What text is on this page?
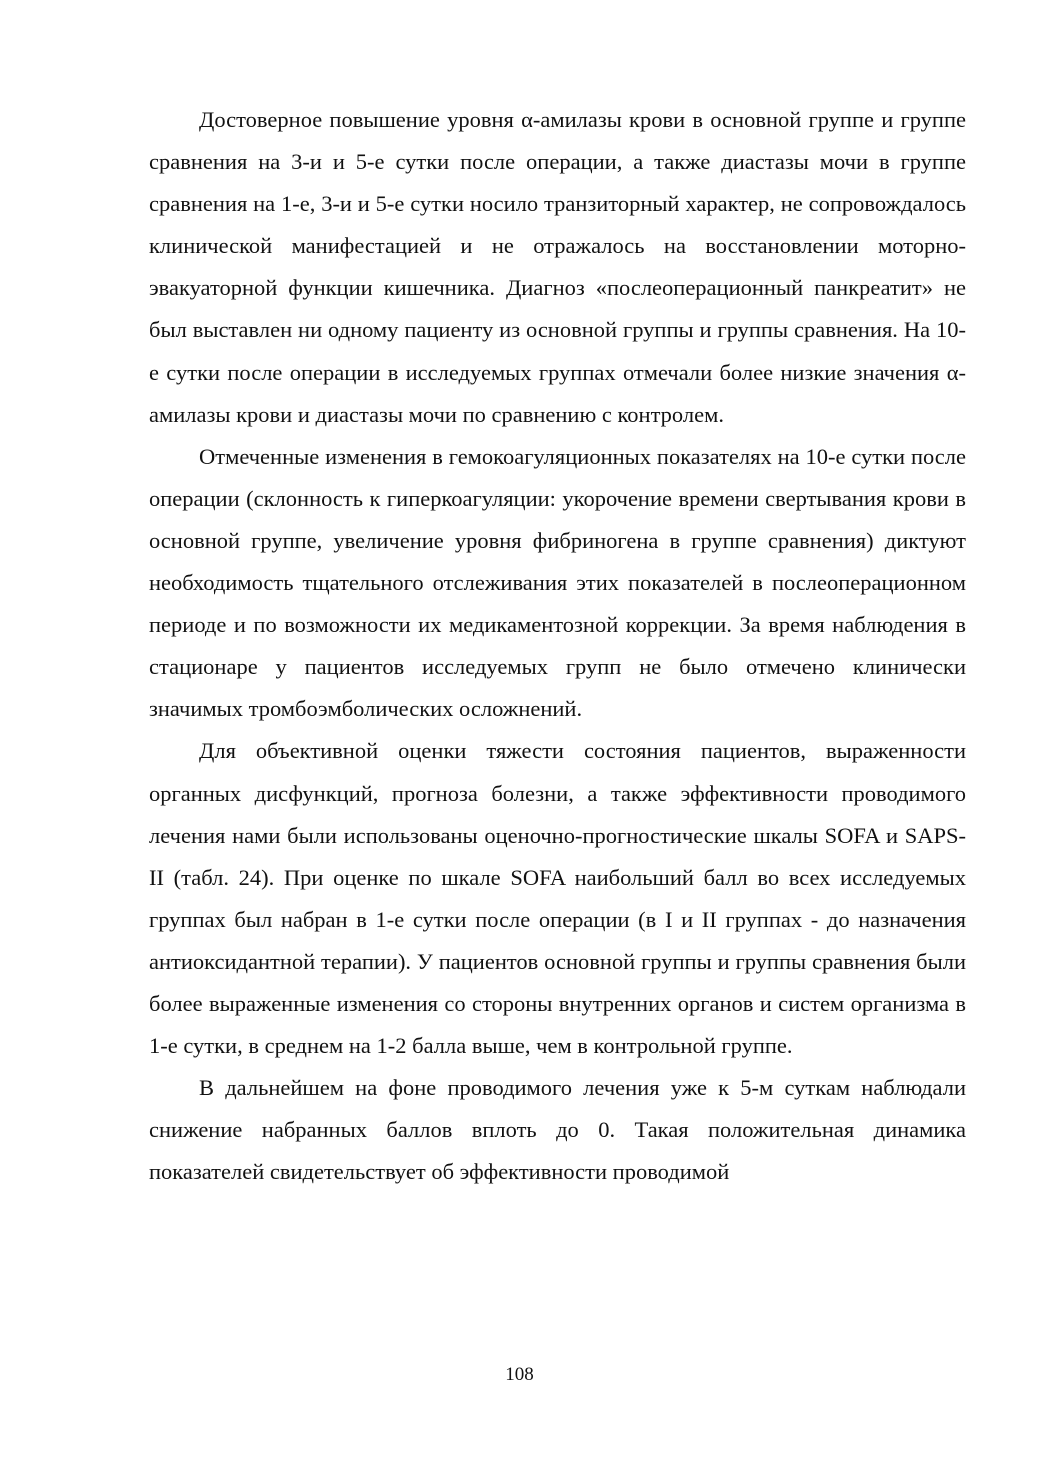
Достоверное повышение уровня α-амилазы крови в основной группе и группе сравнения на 3-и и 5-е сутки после операции, а также диастазы мочи в группе сравнения на 1-е, 3-и и 5-е сутки носило транзиторный характер, не сопровождалось клинической манифестацией и не отражалось на восстановлении моторно-эвакуаторной функции кишечника. Диагноз «послеоперационный панкреатит» не был выставлен ни одному пациенту из основной группы и группы сравнения. На 10-е сутки после операции в исследуемых группах отмечали более низкие значения α-амилазы крови и диастазы мочи по сравнению с контролем.

Отмеченные изменения в гемокоагуляционных показателях на 10-е сутки после операции (склонность к гиперкоагуляции: укорочение времени свертывания крови в основной группе, увеличение уровня фибриногена в группе сравнения) диктуют необходимость тщательного отслеживания этих показателей в послеоперационном периоде и по возможности их медикаментозной коррекции. За время наблюдения в стационаре у пациентов исследуемых групп не было отмечено клинически значимых тромбоэмболических осложнений.

Для объективной оценки тяжести состояния пациентов, выраженности органных дисфункций, прогноза болезни, а также эффективности проводимого лечения нами были использованы оценочно-прогностические шкалы SOFA и SAPS-II (табл. 24). При оценке по шкале SOFA наибольший балл во всех исследуемых группах был набран в 1-е сутки после операции (в I и II группах - до назначения антиоксидантной терапии). У пациентов основной группы и группы сравнения были более выраженные изменения со стороны внутренних органов и систем организма в 1-е сутки, в среднем на 1-2 балла выше, чем в контрольной группе.

В дальнейшем на фоне проводимого лечения уже к 5-м суткам наблюдали снижение набранных баллов вплоть до 0. Такая положительная динамика показателей свидетельствует об эффективности проводимой

108
